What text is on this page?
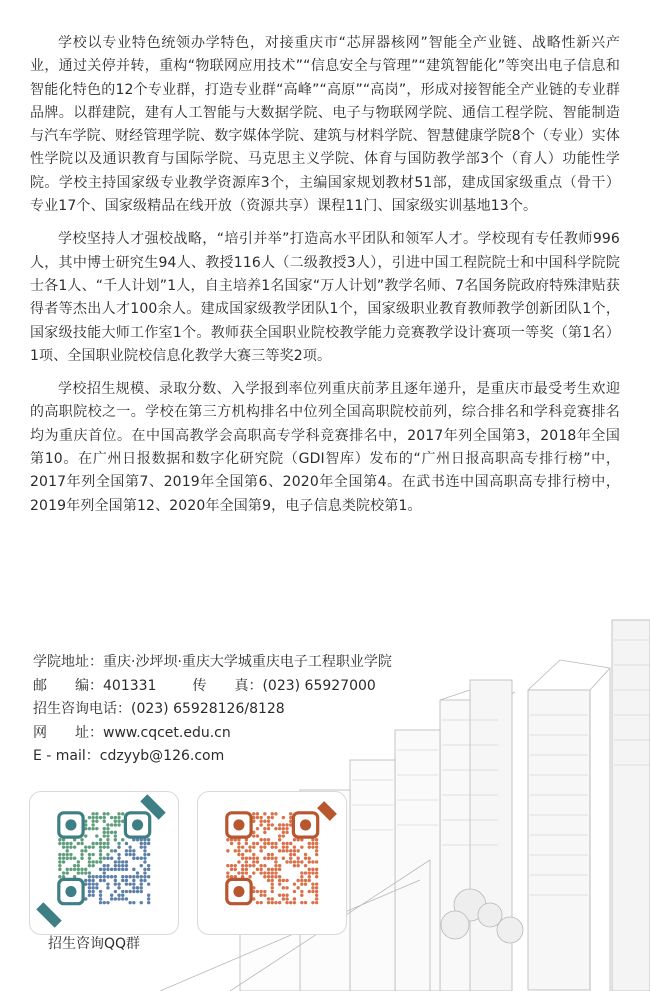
学校以专业特色统领办学特色，对接重庆市“芯屏器核网”智能全产业链、战略性新兴产业，通过关停并转，重构“物联网应用技术”“信息安全与管理”“建筑智能化”等突出电子信息和智能化特色的12个专业群，打造专业群“高峰”“高原”“高岗”，形成对接智能全产业链的专业群品牌。以群建院，建有人工智能与大数据学院、电子与物联网学院、通信工程学院、智能制造与汽车学院、财经管理学院、数字媒体学院、建筑与材料学院、智慧健康学院8个（专业）实体性学院以及通识教育与国际学院、马克思主义学院、体育与国防教学部3个（育人）功能性学院。学校主持国家级专业教学资源库3个，主编国家规划教材51部，建成国家级重点（骨干）专业17个、国家级精品在线开放（资源共享）课程11门、国家级实训基地13个。

学校坚持人才强校战略，“培引并举”打造高水平团队和领军人才。学校现有专任教师996人，其中博士研究生94人、教授116人（二级教授3人），引进中国工程院院士和中国科学院院士各1人、“千人计划”1人，自主培养1名国家“万人计划”教学名师、7名国务院政府特殊津贴获得者等杰出人才100余人。建成国家级教学团队1个，国家级职业教育教师教学创新团队1个，国家级技能大师工作室1个。教师获全国职业院校教学能力竞赛教学设计赛项一等奖（第1名）1项、全国职业院校信息化教学大赛三等奖2项。

学校招生规模、录取分数、入学报到率位列重庆前茅且逐年递升，是重庆市最受考生欢迎的高职院校之一。学校在第三方机构排名中位列全国高职院校前列，综合排名和学科竞赛排名均为重庆首位。在中国高教学会高职高专学科竞赛排名中，2017年列全国第3，2018年全国第10。在广州日报数据和数字化研究院（GDI智库）发布的“广州日报高职高专排行榜”中，2017年列全国第7、2019年全国第6、2020年全国第4。在武书连中国高职高专排行榜中，2019年列全国第12、2020年全国第9，电子信息类院校第1。

学院地址：重庆·沙坪坝·重庆大学城重庆电子工程职业学院
邮　　编：401331	传　　真：(023) 65927000
招生咨询电话：(023) 65928126/8128
网　　址：www.cqcet.edu.cn
E - mail：cdzyyb@126.com
招生咨询QQ群
